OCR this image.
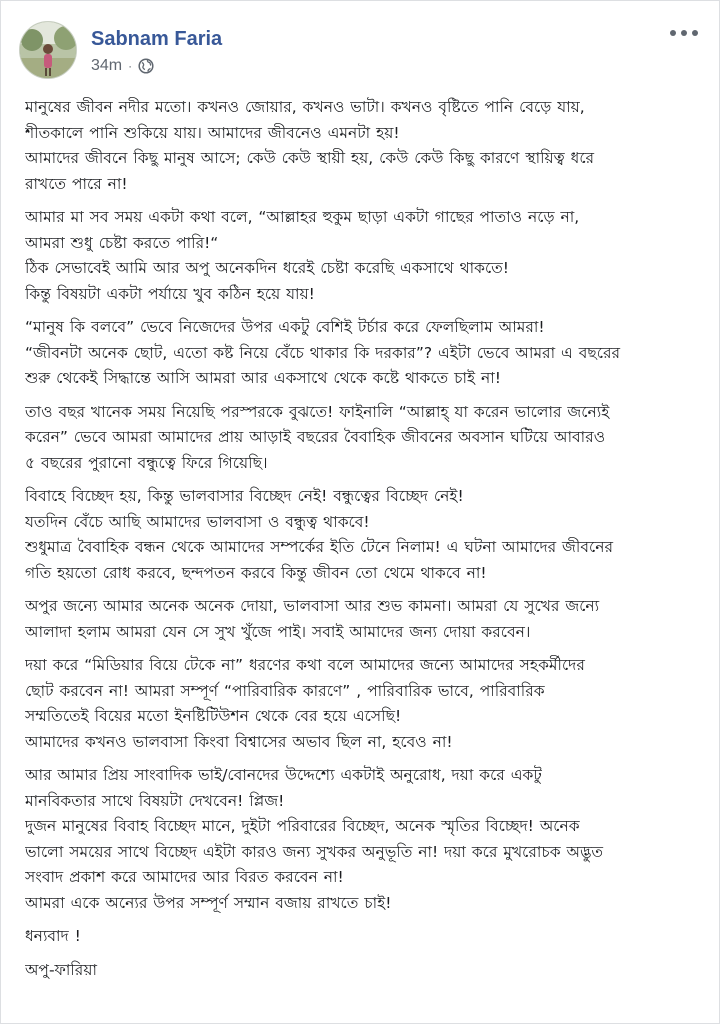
Sabnam Faria
34m ·

মানুষের জীবন নদীর মতো। কখনও জোয়ার, কখনও ভাটা। কখনও বৃষ্টিতে পানি বেড়ে যায়,
শীতকালে পানি শুকিয়ে যায়। আমাদের জীবনেও এমনটা হয়!
আমাদের জীবনে কিছু মানুষ আসে; কেউ কেউ স্থায়ী হয়, কেউ কেউ কিছু কারণে স্থায়িত্ব ধরে
রাখতে পারে না!

আমার মা সব সময় একটা কথা বলে, “আল্লাহর হুকুম ছাড়া একটা গাছের পাতাও নড়ে না,
আমরা শুধু চেষ্টা করতে পারি!“
ঠিক সেভাবেই আমি আর অপু অনেকদিন ধরেই চেষ্টা করেছি একসাথে থাকতে!
কিন্তু বিষয়টা একটা পর্যায়ে খুব কঠিন হয়ে যায়!

“মানুষ কি বলবে” ভেবে নিজেদের উপর একটু বেশিই টর্চার করে ফেলছিলাম আমরা!
“জীবনটা অনেক ছোট, এতো কষ্ট নিয়ে বেঁচে থাকার কি দরকার”? এইটা ভেবে আমরা এ বছরের
শুরু থেকেই সিদ্ধান্তে আসি আমরা আর একসাথে থেকে কষ্টে থাকতে চাই না!

তাও বছর খানেক সময় নিয়েছি পরস্পরকে বুঝতে! ফাইনালি “আল্লাহ্ যা করেন ভালোর জন্যেই
করেন” ভেবে আমরা আমাদের প্রায় আড়াই বছরের বৈবাহিক জীবনের অবসান ঘটিয়ে আবারও
৫ বছরের পুরানো বন্ধুত্বে ফিরে গিয়েছি।

বিবাহে বিচ্ছেদ হয়, কিন্তু ভালবাসার বিচ্ছেদ নেই! বন্ধুত্বের বিচ্ছেদ নেই!
যতদিন বেঁচে আছি আমাদের ভালবাসা ও বন্ধুত্ব থাকবে!
শুধুমাত্র বৈবাহিক বন্ধন থেকে আমাদের সম্পর্কের ইতি টেনে নিলাম! এ ঘটনা আমাদের জীবনের
গতি হয়তো রোধ করবে, ছন্দপতন করবে কিন্তু জীবন তো থেমে থাকবে না!

অপুর জন্যে আমার অনেক অনেক দোয়া, ভালবাসা আর শুভ কামনা। আমরা যে সুখের জন্যে
আলাদা হলাম আমরা যেন সে সুখ খুঁজে পাই। সবাই আমাদের জন্য দোয়া করবেন।

দয়া করে “মিডিয়ার বিয়ে টেকে না” ধরণের কথা বলে আমাদের জন্যে আমাদের সহকর্মীদের
ছোট করবেন না! আমরা সম্পূর্ণ “পারিবারিক কারণে” , পারিবারিক ভাবে, পারিবারিক
সম্মতিতেই বিয়ের মতো ইনষ্টিটিউশন থেকে বের হয়ে এসেছি!
আমাদের কখনও ভালবাসা কিংবা বিশ্বাসের অভাব ছিল না, হবেও না!

আর আমার প্রিয় সাংবাদিক ভাই/বোনদের উদ্দেশ্যে একটাই অনুরোধ, দয়া করে একটু
মানবিকতার সাথে বিষয়টা দেখবেন! প্লিজ!
দুজন মানুষের বিবাহ বিচ্ছেদ মানে, দুইটা পরিবারের বিচ্ছেদ, অনেক স্মৃতির বিচ্ছেদ! অনেক
ভালো সময়ের সাথে বিচ্ছেদ এইটা কারও জন্য সুখকর অনুভূতি না! দয়া করে মুখরোচক অদ্ভুত
সংবাদ প্রকাশ করে আমাদের আর বিরত করবেন না!
আমরা একে অন্যের উপর সম্পূর্ণ সম্মান বজায় রাখতে চাই!

ধন্যবাদ !

অপু-ফারিয়া
